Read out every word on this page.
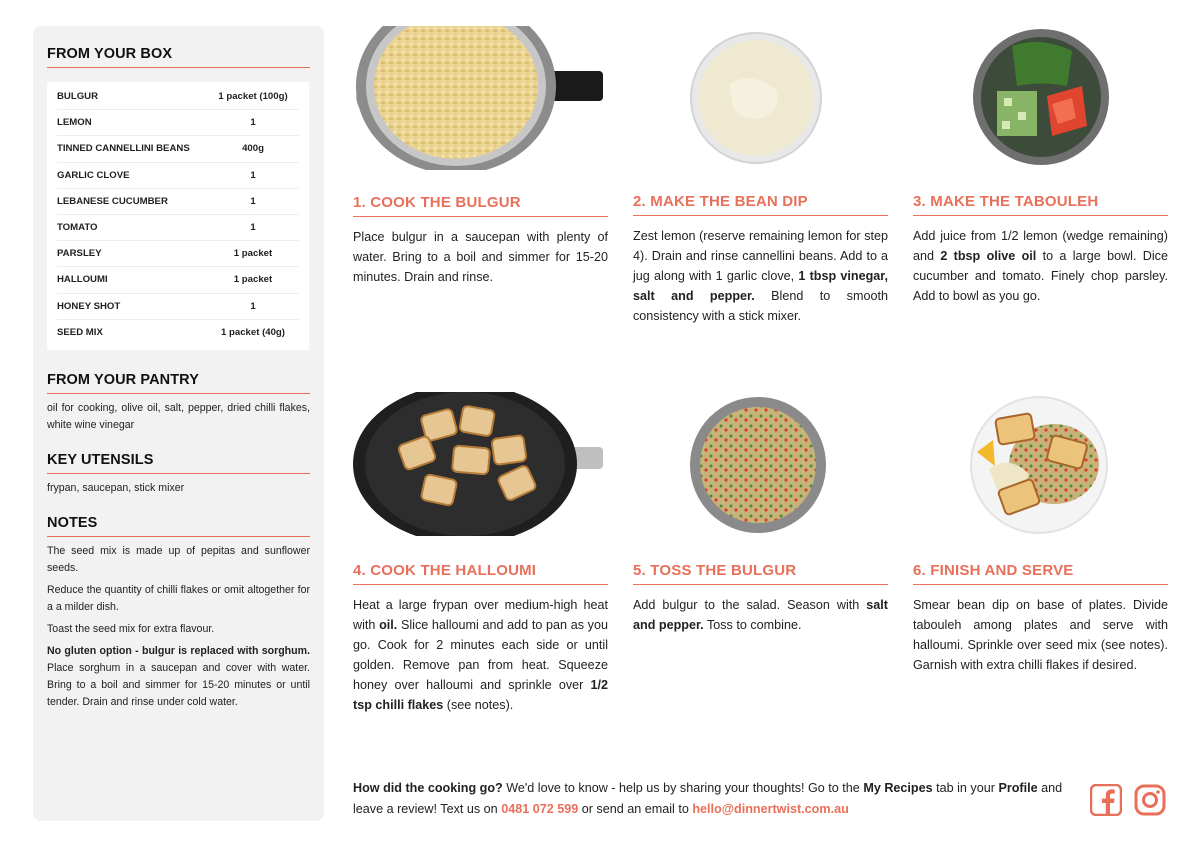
FROM YOUR BOX
BULGUR	1 packet (100g)
LEMON	1
TINNED CANNELLINI BEANS	400g
GARLIC CLOVE	1
LEBANESE CUCUMBER	1
TOMATO	1
PARSLEY	1 packet
HALLOUMI	1 packet
HONEY SHOT	1
SEED MIX	1 packet (40g)
FROM YOUR PANTRY
oil for cooking, olive oil, salt, pepper, dried chilli flakes, white wine vinegar
KEY UTENSILS
frypan, saucepan, stick mixer
NOTES

The seed mix is made up of pepitas and sunflower seeds.

Reduce the quantity of chilli flakes or omit altogether for a a milder dish.

Toast the seed mix for extra flavour.

No gluten option - bulgur is replaced with sorghum. Place sorghum in a saucepan and cover with water. Bring to a boil and simmer for 15-20 minutes or until tender. Drain and rinse under cold water.

1. COOK THE BULGUR
Place bulgur in a saucepan with plenty of water. Bring to a boil and simmer for 15-20 minutes. Drain and rinse.
2. MAKE THE BEAN DIP
Zest lemon (reserve remaining lemon for step 4). Drain and rinse cannellini beans. Add to a jug along with 1 garlic clove, 1 tbsp vinegar, salt and pepper. Blend to smooth consistency with a stick mixer.
3. MAKE THE TABOULEH
Add juice from 1/2 lemon (wedge remaining) and 2 tbsp olive oil to a large bowl. Dice cucumber and tomato. Finely chop parsley. Add to bowl as you go.
4. COOK THE HALLOUMI
Heat a large frypan over medium-high heat with oil. Slice halloumi and add to pan as you go. Cook for 2 minutes each side or until golden. Remove pan from heat. Squeeze honey over halloumi and sprinkle over 1/2 tsp chilli flakes (see notes).
5. TOSS THE BULGUR
Add bulgur to the salad. Season with salt and pepper. Toss to combine.
6. FINISH AND SERVE
Smear bean dip on base of plates. Divide tabouleh among plates and serve with halloumi. Sprinkle over seed mix (see notes). Garnish with extra chilli flakes if desired.
How did the cooking go? We'd love to know - help us by sharing your thoughts! Go to the My Recipes tab in your Profile and leave a review! Text us on 0481 072 599 or send an email to hello@dinnertwist.com.au
